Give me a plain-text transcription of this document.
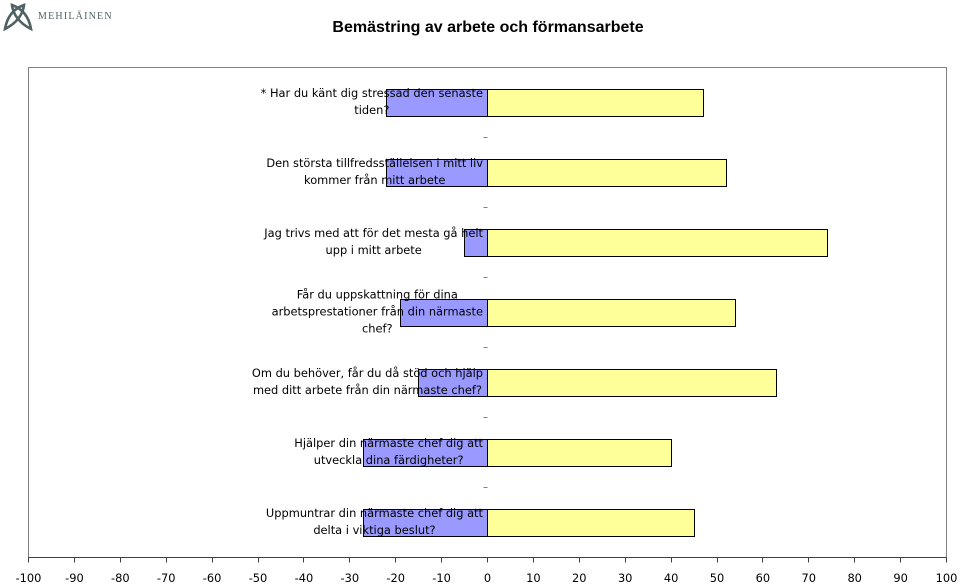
MEHILÄINEN
Bemästring av arbete och förmansarbete
-100 -90 -80 -70 -60 -50 -40 -30 -20 -10	0	10	20	30	40	50	60	70	80	90 100
* Har du känt dig stressad den senaste
tiden?
Den största tillfredsställelsen i mitt liv
kommer från mitt arbete
Jag trivs med att för det mesta gå helt
upp i mitt arbete
Får du uppskattning för dina
arbetsprestationer från din närmaste
chef?
Om du behöver, får du då stöd och hjälp
med ditt arbete från din närmaste chef?
Hjälper din närmaste chef dig att
utveckla dina färdigheter?
Uppmuntrar din närmaste chef dig att
delta i viktiga beslut?
